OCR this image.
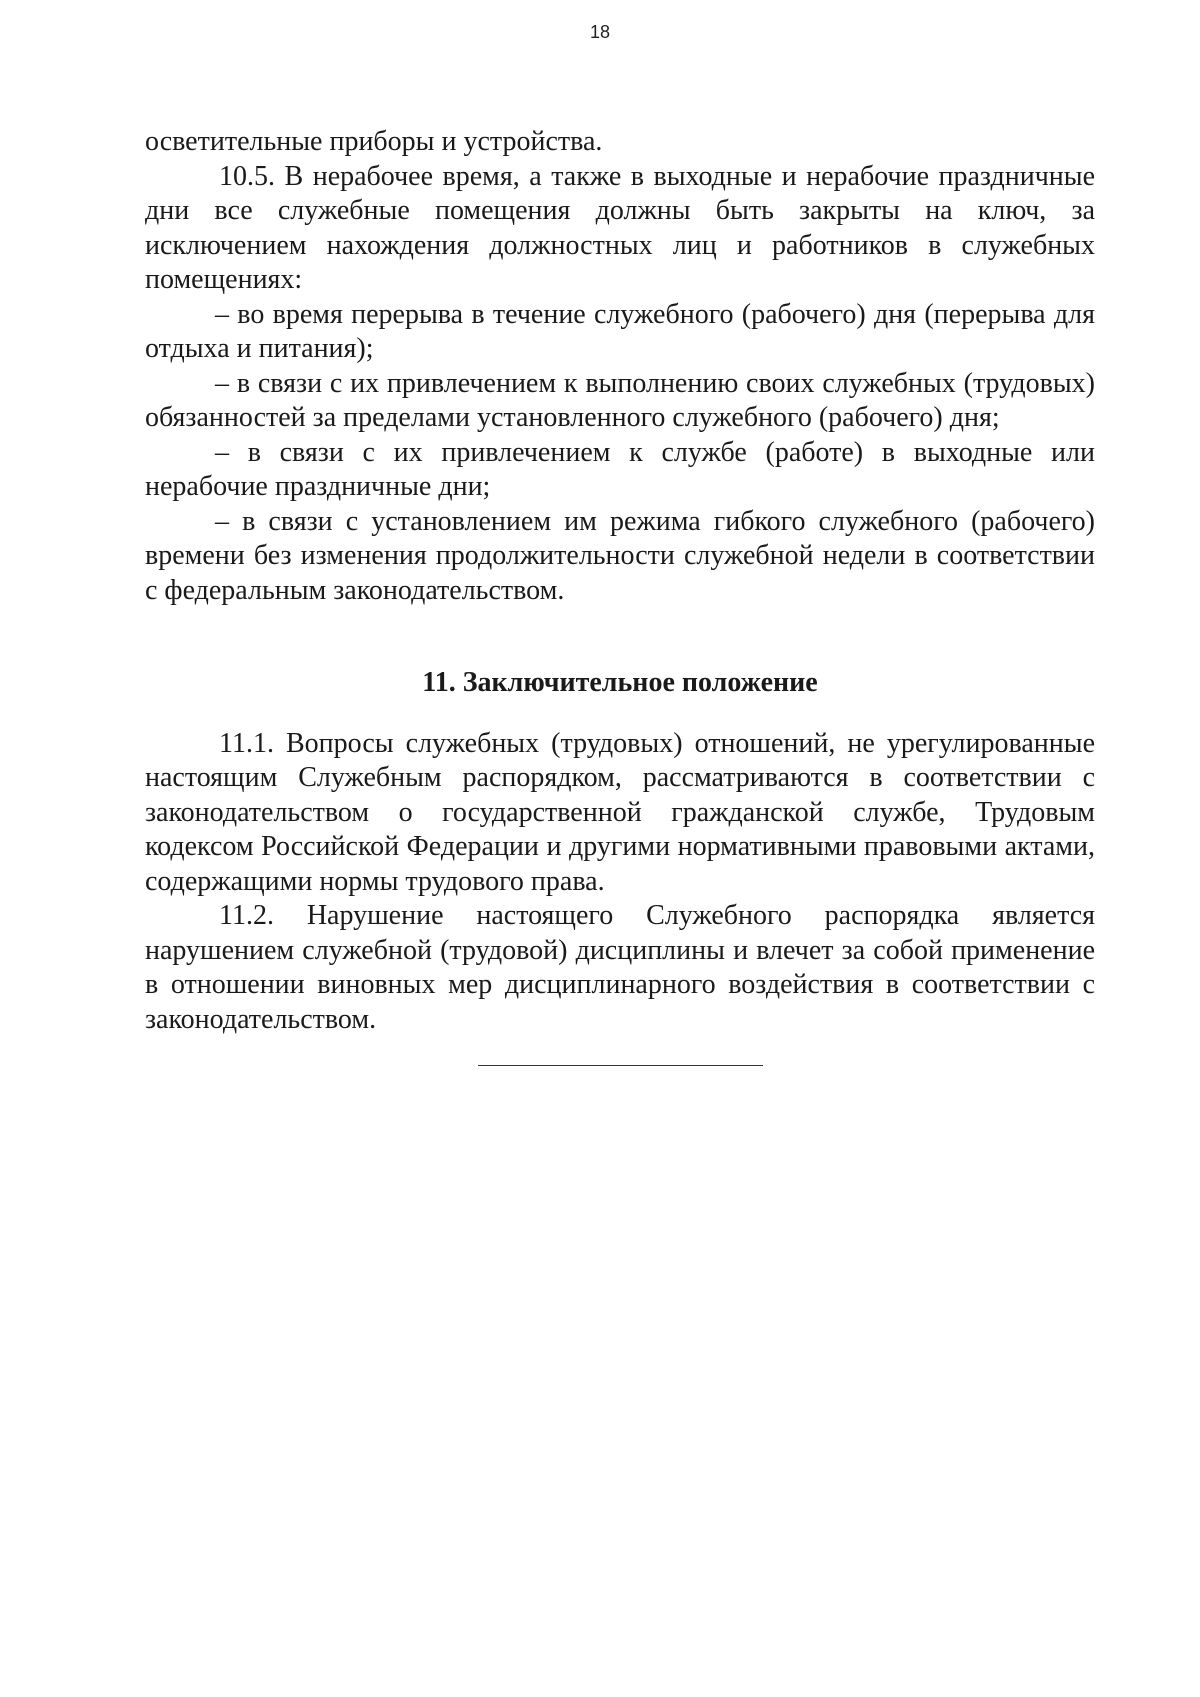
18

осветительные приборы и устройства.

10.5. В нерабочее время, а также в выходные и нерабочие праздничные дни все служебные помещения должны быть закрыты на ключ, за исключением нахождения должностных лиц и работников в служебных помещениях:

– во время перерыва в течение служебного (рабочего) дня (перерыва для отдыха и питания);

– в связи с их привлечением к выполнению своих служебных (трудовых) обязанностей за пределами установленного служебного (рабочего) дня;

– в связи с их привлечением к службе (работе) в выходные или нерабочие праздничные дни;

– в связи с установлением им режима гибкого служебного (рабочего) времени без изменения продолжительности служебной недели в соответствии с федеральным законодательством.

11. Заключительное положение

11.1. Вопросы служебных (трудовых) отношений, не урегулированные настоящим Служебным распорядком, рассматриваются в соответствии с законодательством о государственной гражданской службе, Трудовым кодексом Российской Федерации и другими нормативными правовыми актами, содержащими нормы трудового права.

11.2. Нарушение настоящего Служебного распорядка является нарушением служебной (трудовой) дисциплины и влечет за собой применение в отношении виновных мер дисциплинарного воздействия в соответствии с законодательством.
